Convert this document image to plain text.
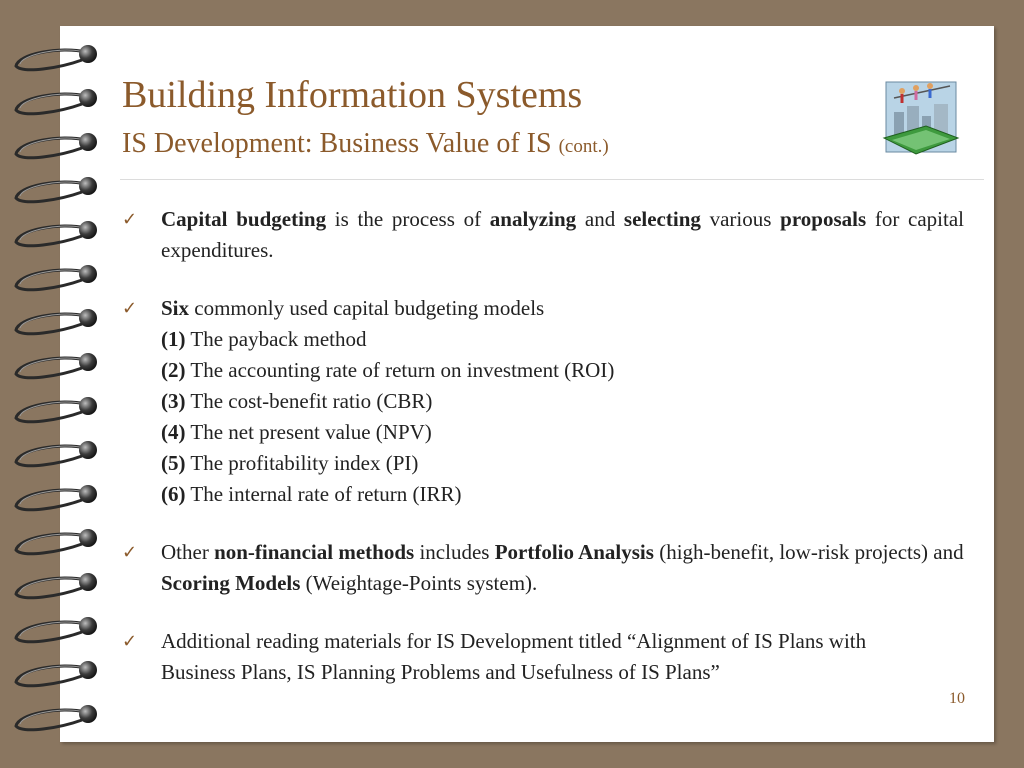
Building Information Systems
IS Development: Business Value of IS (cont.)
✓ Capital budgeting is the process of analyzing and selecting various proposals for capital expenditures.
✓ Six commonly used capital budgeting models
(1) The payback method
(2) The accounting rate of return on investment (ROI)
(3) The cost-benefit ratio (CBR)
(4) The net present value (NPV)
(5) The profitability index (PI)
(6) The internal rate of return (IRR)
✓ Other non-financial methods includes Portfolio Analysis (high-benefit, low-risk projects) and Scoring Models (Weightage-Points system).
✓ Additional reading materials for IS Development titled “Alignment of IS Plans with Business Plans, IS Planning Problems and Usefulness of IS Plans”
10
